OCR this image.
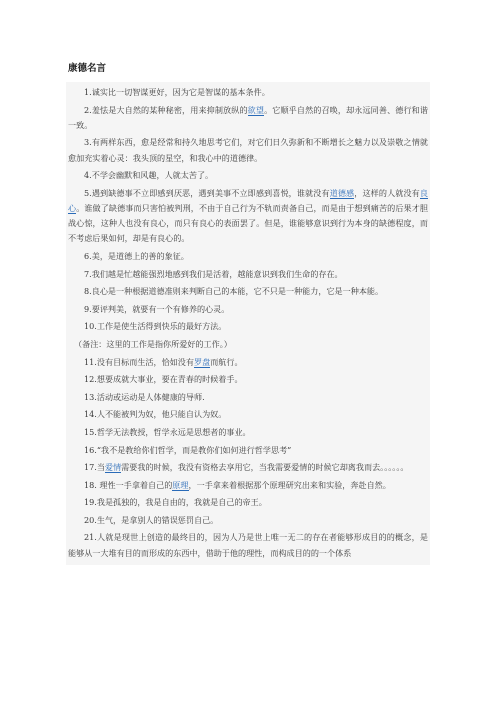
康德名言

1.诚实比一切智谋更好，因为它是智谋的基本条件。

2.羞怯是大自然的某种秘密，用来抑制放纵的欲望。它顺乎自然的召唤，却永远同善、德行和谐一致。

3.有两样东西，愈是经常和持久地思考它们，对它们日久弥新和不断增长之魅力以及崇敬之情就愈加充实着心灵：我头顶的星空，和我心中的道德律。

4.不学会幽默和风趣，人就太苦了。

5.遇到缺德事不立即感到厌恶，遇到美事不立即感到喜悦，谁就没有道德感，这样的人就没有良心。谁做了缺德事而只害怕被判刑，不由于自己行为不轨而责备自己，而是由于想到痛苦的后果才胆战心惊，这种人也没有良心，而只有良心的表面罢了。但是，谁能够意识到行为本身的缺德程度，而不考虑后果如何，却是有良心的。

6.美，是道德上的善的象征。

7.我们越是忙越能强烈地感到我们是活着，越能意识到我们生命的存在。

8.良心是一种根据道德准则来判断自己的本能，它不只是一种能力，它是一种本能。

9.要评判美，就要有一个有修养的心灵。

10.工作是使生活得到快乐的最好方法。

（备注：这里的工作是指你所爱好的工作。）

11.没有目标而生活，恰如没有罗盘而航行。

12.想要成就大事业，要在青春的时候着手。

13.活动或运动是人体健康的导师.

14.人不能被判为奴，他只能自认为奴。

15.哲学无法教授，哲学永远是思想者的事业。

16.“我不是教给你们哲学，而是教你们如何进行哲学思考”

17.当爱情需要我的时候，我没有资格去享用它，当我需要爱情的时候它却离我而去。。。。。。

18. 理性一手拿着自己的原理，一手拿来着根据那个原理研究出来和实验，奔赴自然。

19.我是孤独的，我是自由的，我就是自己的帝王。

20.生气，是拿别人的错误惩罚自己。

21.人就是现世上创造的最终目的，因为人乃是世上唯一无二的存在者能够形成目的的概念，是能够从一大堆有目的而形成的东西中，借助于他的理性，而构成目的的一个体系
